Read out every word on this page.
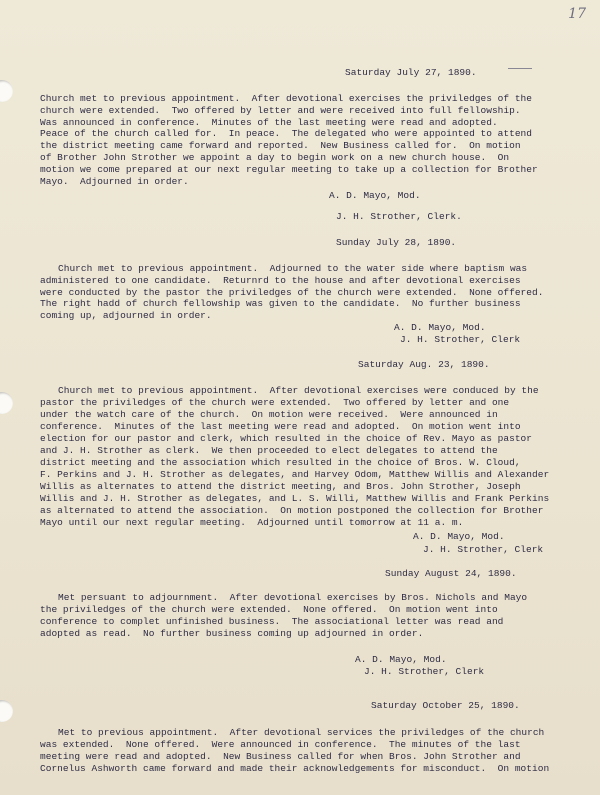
17
Saturday July 27, 1890.
Church met to previous appointment.  After devotional exercises the priviledges of the
church were extended.  Two offered by letter and were received into full fellowship.
Was announced in conference.  Minutes of the last meeting were read and adopted.
Peace of the church called for.  In peace.  The delegated who were appointed to attend
the district meeting came forward and reported.  New Business called for.  On motion
of Brother John Strother we appoint a day to begin work on a new church house.  On
motion we come prepared at our next regular meeting to take up a collection for Brother
Mayo.  Adjourned in order.
A. D. Mayo, Mod.
J. H. Strother, Clerk.
Sunday July 28, 1890.
Church met to previous appointment.  Adjourned to the water side where baptism was
administered to one candidate.  Returnrd to the house and after devotional exercises
were conducted by the pastor the priviledges of the church were extended.  None offered.
The right hadd of church fellowship was given to the candidate.  No further business
coming up, adjourned in order.
A. D. Mayo, Mod.
J. H. Strother, Clerk
Saturday Aug. 23, 1890.
Church met to previous appointment.  After devotional exercises were conduced by the
pastor the priviledges of the church were extended.  Two offered by letter and one
under the watch care of the church.  On motion were received.  Were announced in
conference.  Minutes of the last meeting were read and adopted.  On motion went into
election for our pastor and clerk, which resulted in the choice of Rev. Mayo as pastor
and J. H. Strother as clerk.  We then proceeded to elect delegates to attend the
district meeting and the association which resulted in the choice of Bros. W. Cloud,
F. Perkins and J. H. Strother as delegates, and Harvey Odom, Matthew Willis and Alexander
Willis as alternates to attend the district meeting, and Bros. John Strother, Joseph
Willis and J. H. Strother as delegates, and L. S. Willi, Matthew Willis and Frank Perkins
as alternated to attend the association.  On motion postponed the collection for Brother
Mayo until our next regular meeting.  Adjourned until tomorrow at 11 a. m.
A. D. Mayo, Mod.
J. H. Strother, Clerk
Sunday August 24, 1890.
Met persuant to adjournment.  After devotional exercises by Bros. Nichols and Mayo
the priviledges of the church were extended.  None offered.  On motion went into
conference to complet unfinished business.  The associational letter was read and
adopted as read.  No further business coming up adjourned in order.
A. D. Mayo, Mod.
J. H. Strother, Clerk
Saturday October 25, 1890.
Met to previous appointment.  After devotional services the priviledges of the church
was extended.  None offered.  Were announced in conference.  The minutes of the last
meeting were read and adopted.  New Business called for when Bros. John Strother and
Cornelus Ashworth came forward and made their acknowledgements for misconduct.  On motion
